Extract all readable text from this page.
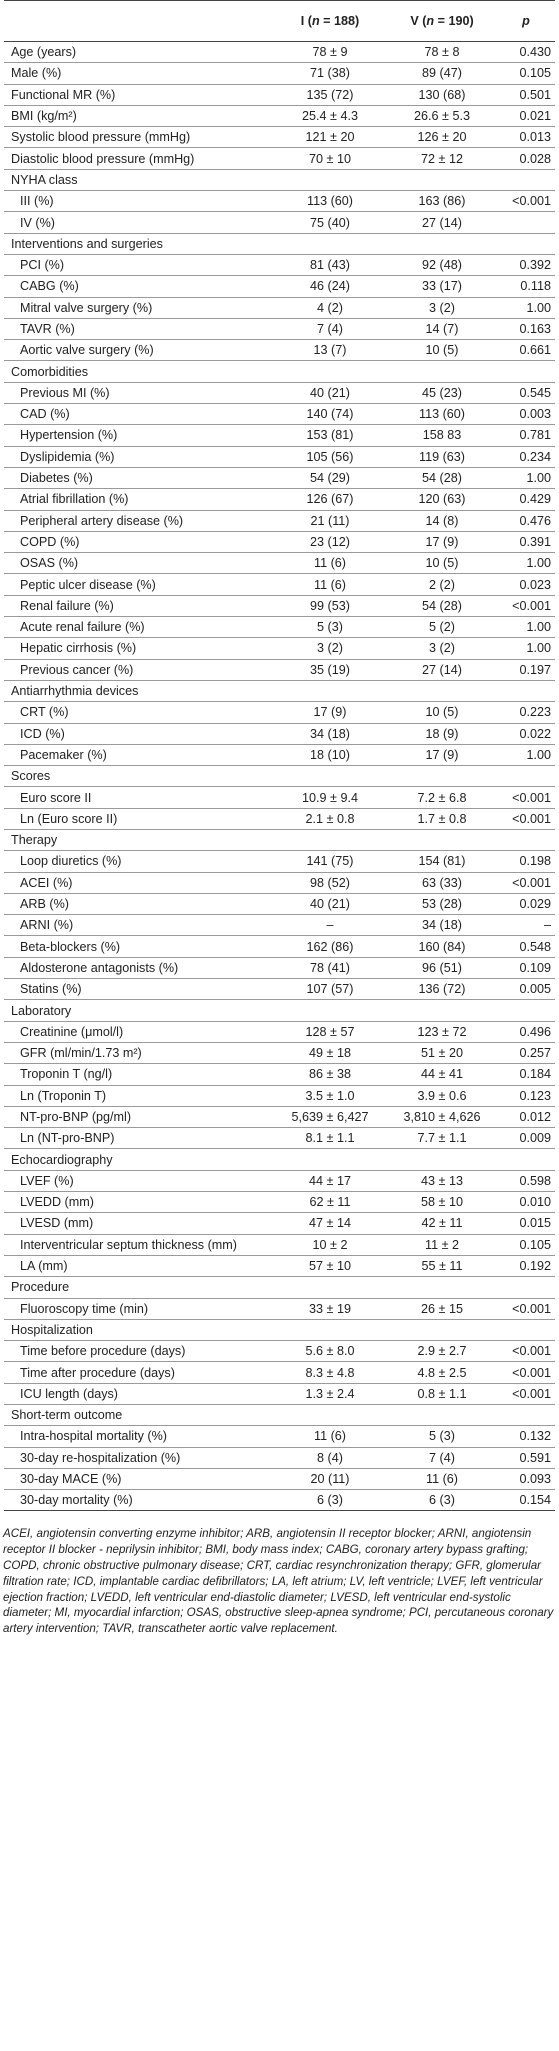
	I (n = 188)	V (n = 190)	p
Age (years)	78 ± 9	78 ± 8	0.430
Male (%)	71 (38)	89 (47)	0.105
Functional MR (%)	135 (72)	130 (68)	0.501
BMI (kg/m²)	25.4 ± 4.3	26.6 ± 5.3	0.021
Systolic blood pressure (mmHg)	121 ± 20	126 ± 20	0.013
Diastolic blood pressure (mmHg)	70 ± 10	72 ± 12	0.028
NYHA class			
III (%)	113 (60)	163 (86)	<0.001
IV (%)	75 (40)	27 (14)	
Interventions and surgeries			
PCI (%)	81 (43)	92 (48)	0.392
CABG (%)	46 (24)	33 (17)	0.118
Mitral valve surgery (%)	4 (2)	3 (2)	1.00
TAVR (%)	7 (4)	14 (7)	0.163
Aortic valve surgery (%)	13 (7)	10 (5)	0.661
Comorbidities			
Previous MI (%)	40 (21)	45 (23)	0.545
CAD (%)	140 (74)	113 (60)	0.003
Hypertension (%)	153 (81)	158 83	0.781
Dyslipidemia (%)	105 (56)	119 (63)	0.234
Diabetes (%)	54 (29)	54 (28)	1.00
Atrial fibrillation (%)	126 (67)	120 (63)	0.429
Peripheral artery disease (%)	21 (11)	14 (8)	0.476
COPD (%)	23 (12)	17 (9)	0.391
OSAS (%)	11 (6)	10 (5)	1.00
Peptic ulcer disease (%)	11 (6)	2 (2)	0.023
Renal failure (%)	99 (53)	54 (28)	<0.001
Acute renal failure (%)	5 (3)	5 (2)	1.00
Hepatic cirrhosis (%)	3 (2)	3 (2)	1.00
Previous cancer (%)	35 (19)	27 (14)	0.197
Antiarrhythmia devices			
CRT (%)	17 (9)	10 (5)	0.223
ICD (%)	34 (18)	18 (9)	0.022
Pacemaker (%)	18 (10)	17 (9)	1.00
Scores			
Euro score II	10.9 ± 9.4	7.2 ± 6.8	<0.001
Ln (Euro score II)	2.1 ± 0.8	1.7 ± 0.8	<0.001
Therapy			
Loop diuretics (%)	141 (75)	154 (81)	0.198
ACEI (%)	98 (52)	63 (33)	<0.001
ARB (%)	40 (21)	53 (28)	0.029
ARNI (%)	–	34 (18)	–
Beta-blockers (%)	162 (86)	160 (84)	0.548
Aldosterone antagonists (%)	78 (41)	96 (51)	0.109
Statins (%)	107 (57)	136 (72)	0.005
Laboratory			
Creatinine (μmol/l)	128 ± 57	123 ± 72	0.496
GFR (ml/min/1.73 m²)	49 ± 18	51 ± 20	0.257
Troponin T (ng/l)	86 ± 38	44 ± 41	0.184
Ln (Troponin T)	3.5 ± 1.0	3.9 ± 0.6	0.123
NT-pro-BNP (pg/ml)	5,639 ± 6,427	3,810 ± 4,626	0.012
Ln (NT-pro-BNP)	8.1 ± 1.1	7.7 ± 1.1	0.009
Echocardiography			
LVEF (%)	44 ± 17	43 ± 13	0.598
LVEDD (mm)	62 ± 11	58 ± 10	0.010
LVESD (mm)	47 ± 14	42 ± 11	0.015
Interventricular septum thickness (mm)	10 ± 2	11 ± 2	0.105
LA (mm)	57 ± 10	55 ± 11	0.192
Procedure			
Fluoroscopy time (min)	33 ± 19	26 ± 15	<0.001
Hospitalization			
Time before procedure (days)	5.6 ± 8.0	2.9 ± 2.7	<0.001
Time after procedure (days)	8.3 ± 4.8	4.8 ± 2.5	<0.001
ICU length (days)	1.3 ± 2.4	0.8 ± 1.1	<0.001
Short-term outcome			
Intra-hospital mortality (%)	11 (6)	5 (3)	0.132
30-day re-hospitalization (%)	8 (4)	7 (4)	0.591
30-day MACE (%)	20 (11)	11 (6)	0.093
30-day mortality (%)	6 (3)	6 (3)	0.154
ACEI, angiotensin converting enzyme inhibitor; ARB, angiotensin II receptor blocker; ARNI, angiotensin receptor II blocker - neprilysin inhibitor; BMI, body mass index; CABG, coronary artery bypass grafting; COPD, chronic obstructive pulmonary disease; CRT, cardiac resynchronization therapy; GFR, glomerular filtration rate; ICD, implantable cardiac defibrillators; LA, left atrium; LV, left ventricle; LVEF, left ventricular ejection fraction; LVEDD, left ventricular end-diastolic diameter; LVESD, left ventricular end-systolic diameter; MI, myocardial infarction; OSAS, obstructive sleep-apnea syndrome; PCI, percutaneous coronary artery intervention; TAVR, transcatheter aortic valve replacement.
